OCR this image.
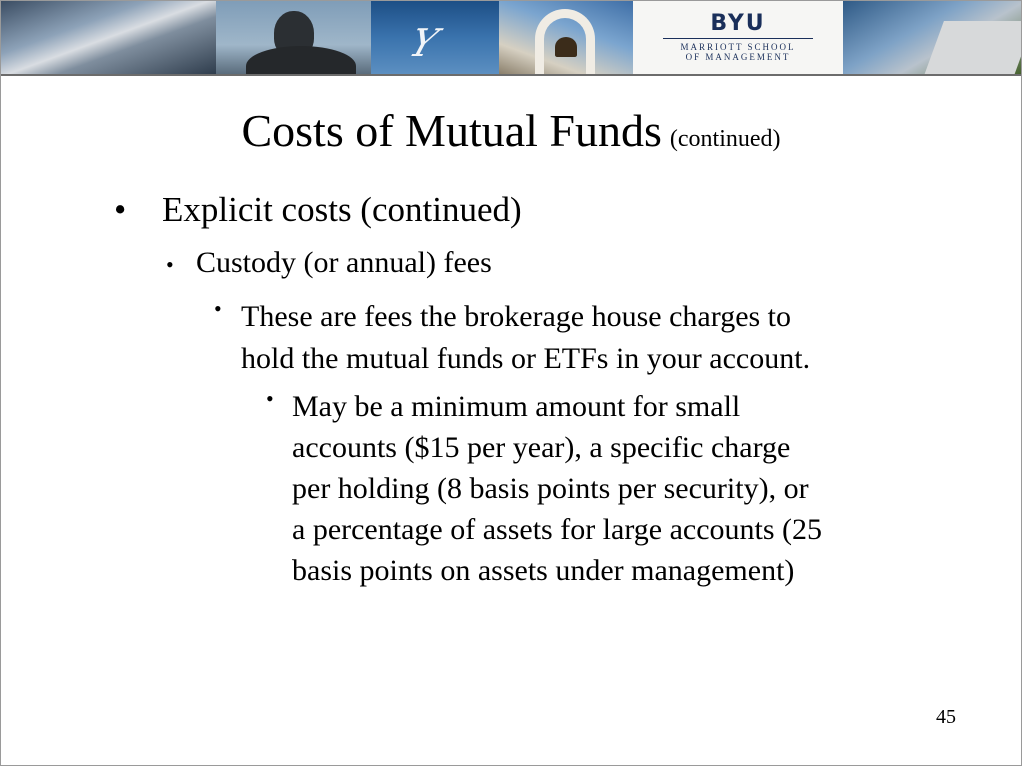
Y	BYU
MARRIOTT SCHOOL
OF MANAGEMENT
Costs of Mutual Funds (continued)
• Explicit costs (continued)
• Custody (or annual) fees
• These are fees the brokerage house charges to
hold the mutual funds or ETFs in your account.
• May be a minimum amount for small
accounts ($15 per year), a specific charge
per holding (8 basis points per security), or
a percentage of assets for large accounts (25
basis points on assets under management)
45
